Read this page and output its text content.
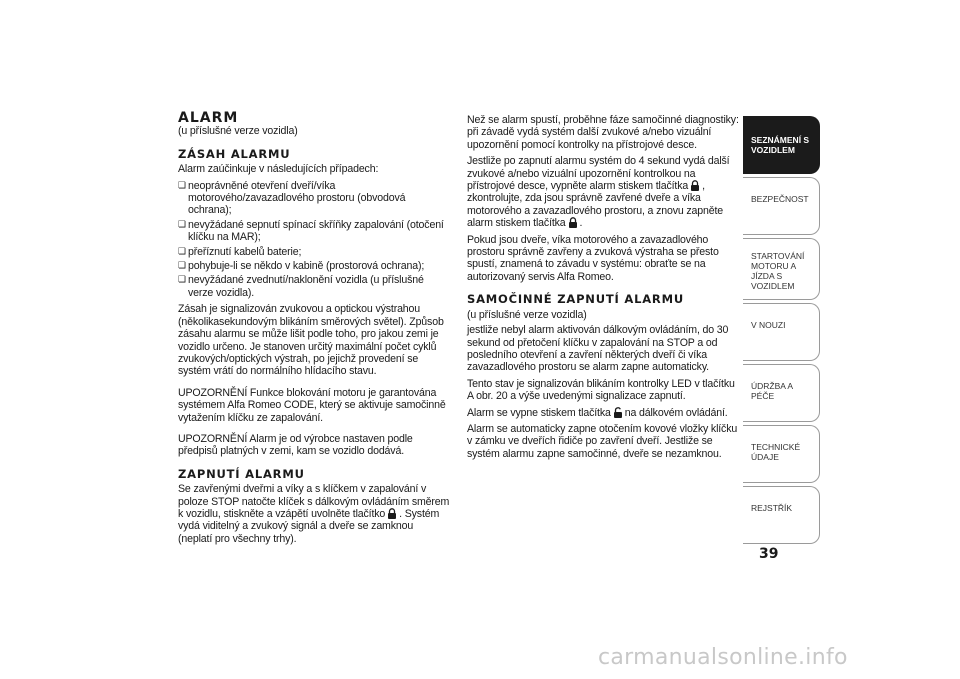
ALARM
(u příslušné verze vozidla)
ZÁSAH ALARMU

Alarm zaúčinkuje v následujících případech:

❏ neoprávněné otevření dveří/víka motorového/zavazadlového prostoru (obvodová ochrana);
❏ nevyžádané sepnutí spínací skříňky zapalování (otočení klíčku na MAR);
❏ přeříznutí kabelů baterie;
❏ pohybuje-li se někdo v kabině (prostorová ochrana);
❏ nevyžádané zvednutí/naklonění vozidla (u příslušné verze vozidla).

Zásah je signalizován zvukovou a optickou výstrahou (několikasekundovým blikáním směrových světel). Způsob zásahu alarmu se může lišit podle toho, pro jakou zemi je vozidlo určeno. Je stanoven určitý maximální počet cyklů zvukových/optických výstrah, po jejichž provedení se systém vrátí do normálního hlídacího stavu.

UPOZORNĚNÍ Funkce blokování motoru je garantována systémem Alfa Romeo CODE, který se aktivuje samočinně vytažením klíčku ze zapalování.

UPOZORNĚNÍ Alarm je od výrobce nastaven podle předpisů platných v zemi, kam se vozidlo dodává.

ZAPNUTÍ ALARMU

Se zavřenými dveřmi a víky a s klíčkem v zapalování v poloze STOP natočte klíček s dálkovým ovládáním směrem k vozidlu, stiskněte a vzápětí uvolněte tlačítko . Systém vydá viditelný a zvukový signál a dveře se zamknou (neplatí pro všechny trhy).

Než se alarm spustí, proběhne fáze samočinné diagnostiky: při závadě vydá systém další zvukové a/nebo vizuální upozornění pomocí kontrolky na přístrojové desce.

Jestliže po zapnutí alarmu systém do 4 sekund vydá další zvukové a/nebo vizuální upozornění kontrolkou na přístrojové desce, vypněte alarm stiskem tlačítka , zkontrolujte, zda jsou správně zavřené dveře a víka motorového a zavazadlového prostoru, a znovu zapněte alarm stiskem tlačítka .

Pokud jsou dveře, víka motorového a zavazadlového prostoru správně zavřeny a zvuková výstraha se přesto spustí, znamená to závadu v systému: obraťte se na autorizovaný servis Alfa Romeo.

SAMOČINNÉ ZAPNUTÍ ALARMU
(u příslušné verze vozidla)

jestliže nebyl alarm aktivován dálkovým ovládáním, do 30 sekund od přetočení klíčku v zapalování na STOP a od posledního otevření a zavření některých dveří či víka zavazadlového prostoru se alarm zapne automaticky.

Tento stav je signalizován blikáním kontrolky LED v tlačítku A obr. 20 a výše uvedenými signalizace zapnutí.

Alarm se vypne stiskem tlačítka na dálkovém ovládání.

Alarm se automaticky zapne otočením kovové vložky klíčku v zámku ve dveřích řidiče po zavření dveří. Jestliže se systém alarmu zapne samočinné, dveře se nezamknou.

SEZNÁMENÍ S VOZIDLEM
BEZPEČNOST
STARTOVÁNÍ MOTORU A JÍZDA S VOZIDLEM
V NOUZI
ÚDRŽBA A PÉČE
TECHNICKÉ ÚDAJE
REJSTŘÍK
39
carmanualsonline.info
